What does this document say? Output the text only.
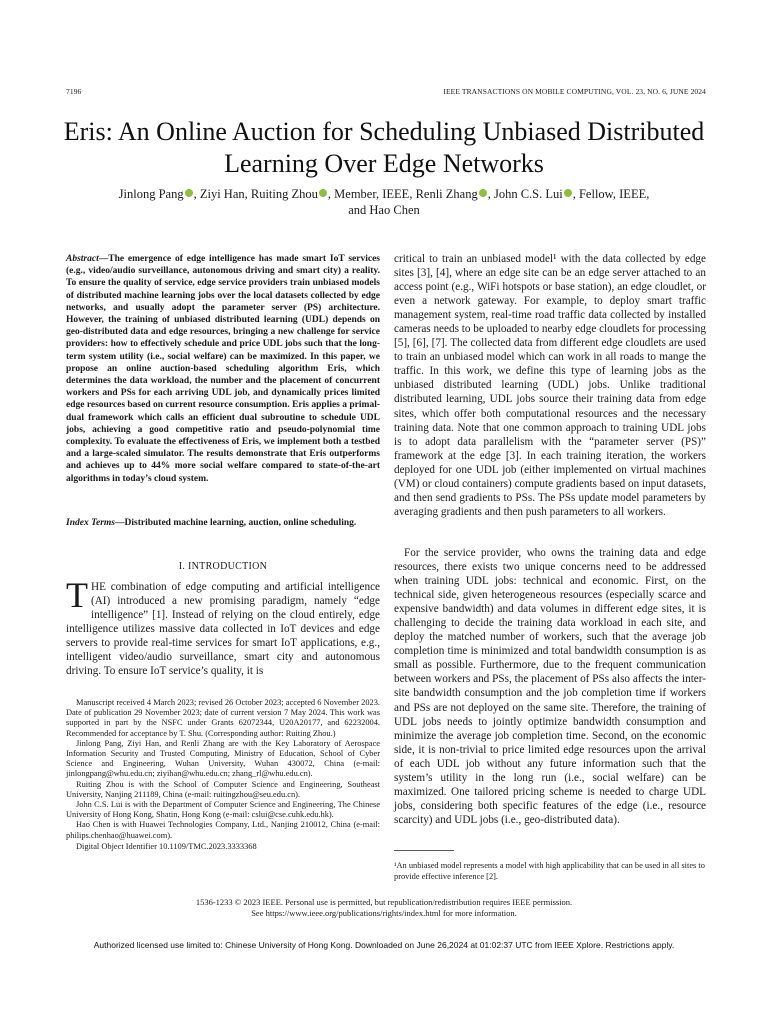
7196	IEEE TRANSACTIONS ON MOBILE COMPUTING, VOL. 23, NO. 6, JUNE 2024
Eris: An Online Auction for Scheduling Unbiased Distributed Learning Over Edge Networks
Jinlong Pang , Ziyi Han, Ruiting Zhou , Member, IEEE, Renli Zhang , John C.S. Lui , Fellow, IEEE,
and Hao Chen
Abstract—The emergence of edge intelligence has made smart IoT services (e.g., video/audio surveillance, autonomous driving and smart city) a reality. To ensure the quality of service, edge service providers train unbiased models of distributed machine learning jobs over the local datasets collected by edge networks, and usually adopt the parameter server (PS) architecture. However, the training of unbiased distributed learning (UDL) depends on geo-distributed data and edge resources, bringing a new challenge for service providers: how to effectively schedule and price UDL jobs such that the long-term system utility (i.e., social welfare) can be maximized. In this paper, we propose an online auction-based scheduling algorithm Eris, which determines the data workload, the number and the placement of concurrent workers and PSs for each arriving UDL job, and dynamically prices limited edge resources based on current resource consumption. Eris applies a primal-dual framework which calls an efficient dual subroutine to schedule UDL jobs, achieving a good competitive ratio and pseudo-polynomial time complexity. To evaluate the effectiveness of Eris, we implement both a testbed and a large-scaled simulator. The results demonstrate that Eris outperforms and achieves up to 44% more social welfare compared to state-of-the-art algorithms in today’s cloud system.
Index Terms—Distributed machine learning, auction, online scheduling.
I. INTRODUCTION

THE combination of edge computing and artificial intelligence (AI) introduced a new promising paradigm, namely “edge intelligence” [1]. Instead of relying on the cloud entirely, edge intelligence utilizes massive data collected in IoT devices and edge servers to provide real-time services for smart IoT applications, e.g., intelligent video/audio surveillance, smart city and autonomous driving. To ensure IoT service’s quality, it is

Manuscript received 4 March 2023; revised 26 October 2023; accepted 6 November 2023. Date of publication 29 November 2023; date of current version 7 May 2024. This work was supported in part by the NSFC under Grants 62072344, U20A20177, and 62232004. Recommended for acceptance by T. Shu. (Corresponding author: Ruiting Zhou.)

Jinlong Pang, Ziyi Han, and Renli Zhang are with the Key Laboratory of Aerospace Information Security and Trusted Computing, Ministry of Education, School of Cyber Science and Engineering, Wuhan University, Wuhan 430072, China (e-mail: jinlongpang@whu.edu.cn; ziyihan@whu.edu.cn; zhang_rl@whu.edu.cn).

Ruiting Zhou is with the School of Computer Science and Engineering, Southeast University, Nanjing 211189, China (e-mail: ruitingzhou@seu.edu.cn).

John C.S. Lui is with the Department of Computer Science and Engineering, The Chinese University of Hong Kong, Shatin, Hong Kong (e-mail: cslui@cse.cuhk.edu.hk).

Hao Chen is with Huawei Technologies Company, Ltd., Nanjing 210012, China (e-mail: philips.chenhao@huawei.com).

Digital Object Identifier 10.1109/TMC.2023.3333368

critical to train an unbiased model¹ with the data collected by edge sites [3], [4], where an edge site can be an edge server attached to an access point (e.g., WiFi hotspots or base station), an edge cloudlet, or even a network gateway. For example, to deploy smart traffic management system, real-time road traffic data collected by installed cameras needs to be uploaded to nearby edge cloudlets for processing [5], [6], [7]. The collected data from different edge cloudlets are used to train an unbiased model which can work in all roads to mange the traffic. In this work, we define this type of learning jobs as the unbiased distributed learning (UDL) jobs. Unlike traditional distributed learning, UDL jobs source their training data from edge sites, which offer both computational resources and the necessary training data. Note that one common approach to training UDL jobs is to adopt data parallelism with the “parameter server (PS)” framework at the edge [3]. In each training iteration, the workers deployed for one UDL job (either implemented on virtual machines (VM) or cloud containers) compute gradients based on input datasets, and then send gradients to PSs. The PSs update model parameters by averaging gradients and then push parameters to all workers.

For the service provider, who owns the training data and edge resources, there exists two unique concerns need to be addressed when training UDL jobs: technical and economic. First, on the technical side, given heterogeneous resources (especially scarce and expensive bandwidth) and data volumes in different edge sites, it is challenging to decide the training data workload in each site, and deploy the matched number of workers, such that the average job completion time is minimized and total bandwidth consumption is as small as possible. Furthermore, due to the frequent communication between workers and PSs, the placement of PSs also affects the inter-site bandwidth consumption and the job completion time if workers and PSs are not deployed on the same site. Therefore, the training of UDL jobs needs to jointly optimize bandwidth consumption and minimize the average job completion time. Second, on the economic side, it is non-trivial to price limited edge resources upon the arrival of each UDL job without any future information such that the system’s utility in the long run (i.e., social welfare) can be maximized. One tailored pricing scheme is needed to charge UDL jobs, considering both specific features of the edge (i.e., resource scarcity) and UDL jobs (i.e., geo-distributed data).

¹An unbiased model represents a model with high applicability that can be used in all sites to provide effective inference [2].
1536-1233 © 2023 IEEE. Personal use is permitted, but republication/redistribution requires IEEE permission.
See https://www.ieee.org/publications/rights/index.html for more information.
Authorized licensed use limited to: Chinese University of Hong Kong. Downloaded on June 26,2024 at 01:02:37 UTC from IEEE Xplore. Restrictions apply.
